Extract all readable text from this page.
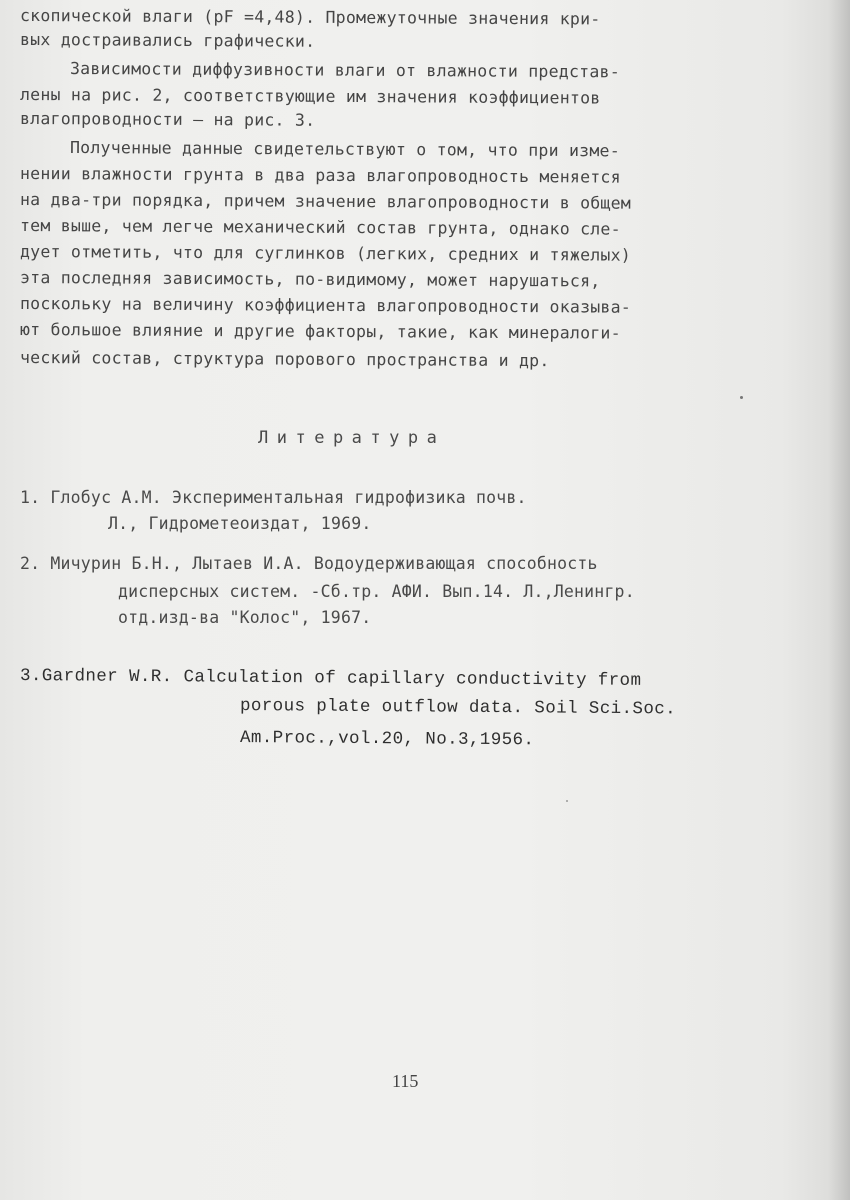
скопической влаги (pF =4,48). Промежуточные значения кри-
вых достраивались графически.
Зависимости диффузивности влаги от влажности представ-
лены на рис. 2, соответствующие им значения коэффициентов
влагопроводности – на рис. 3.
Полученные данные свидетельствуют о том, что при изме-
нении влажности грунта в два раза влагопроводность меняется
на два-три порядка, причем значение влагопроводности в общем
тем выше, чем легче механический состав грунта, однако сле-
дует отметить, что для суглинков (легких, средних и тяжелых)
эта последняя зависимость, по-видимому, может нарушаться,
поскольку на величину коэффициента влагопроводности оказыва-
ют большое влияние и другие факторы, такие, как минералоги-
ческий состав, структура порового пространства и др.
Литература
1. Глобус А.М. Экспериментальная гидрофизика почв.
Л., Гидрометеоиздат, 1969.
2. Мичурин Б.Н., Лытаев И.А. Водоудерживающая способность
дисперсных систем. -Сб.тр. АФИ. Вып.14. Л.,Ленингр.
отд.изд-ва "Колос", 1967.
3.Gardner W.R. Calculation of capillary conductivity from
porous plate outflow data. Soil Sci.Soc.
Am.Proc.,vol.20, No.3,1956.
115
